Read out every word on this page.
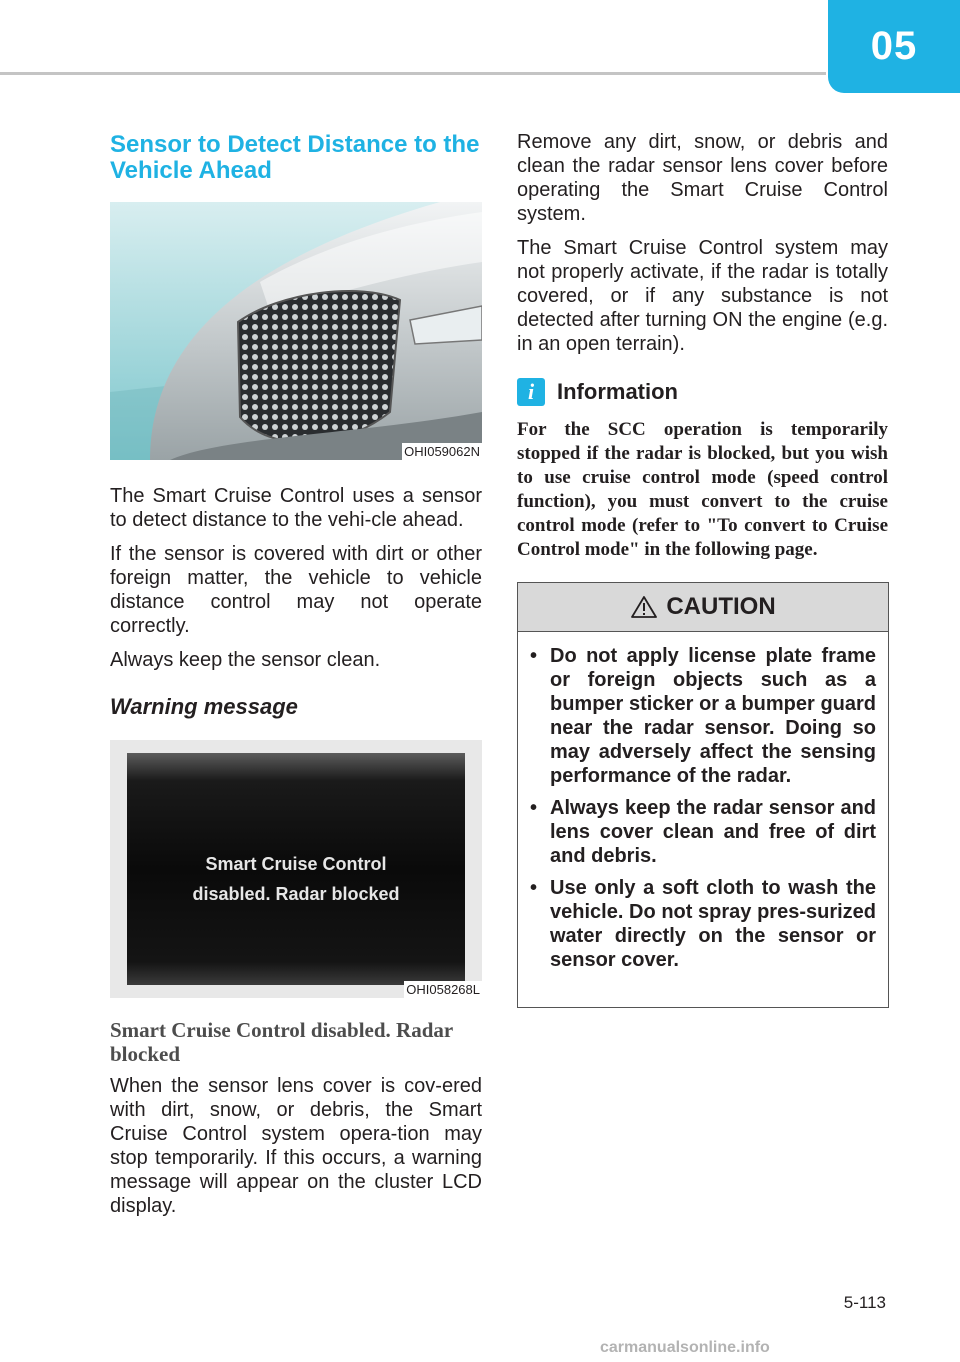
05
Sensor to Detect Distance to the Vehicle Ahead
OHI059062N

The Smart Cruise Control uses a sensor to detect distance to the vehi-cle ahead.

If the sensor is covered with dirt or other foreign matter, the vehicle to vehicle distance control may not operate correctly.

Always keep the sensor clean.

Warning message
Smart Cruise Control
disabled. Radar blocked
OHI058268L
Smart Cruise Control disabled. Radar blocked

When the sensor lens cover is cov-ered with dirt, snow, or debris, the Smart Cruise Control system opera-tion may stop temporarily. If this occurs, a warning message will appear on the cluster LCD display.

Remove any dirt, snow, or debris and clean the radar sensor lens cover before operating the Smart Cruise Control system.

The Smart Cruise Control system may not properly activate, if the radar is totally covered, or if any substance is not detected after turning ON the engine (e.g. in an open terrain).

i	Information
For the SCC operation is temporarily stopped if the radar is blocked, but you wish to use cruise control mode (speed control function), you must convert to the cruise control mode (refer to "To convert to Cruise Control mode" in the following page.
CAUTION
• Do not apply license plate frame or foreign objects such as a bumper sticker or a bumper guard near the radar sensor. Doing so may adversely affect the sensing performance of the radar.
• Always keep the radar sensor and lens cover clean and free of dirt and debris.
• Use only a soft cloth to wash the vehicle. Do not spray pres-surized water directly on the sensor or sensor cover.
5-113
carmanualsonline.info
